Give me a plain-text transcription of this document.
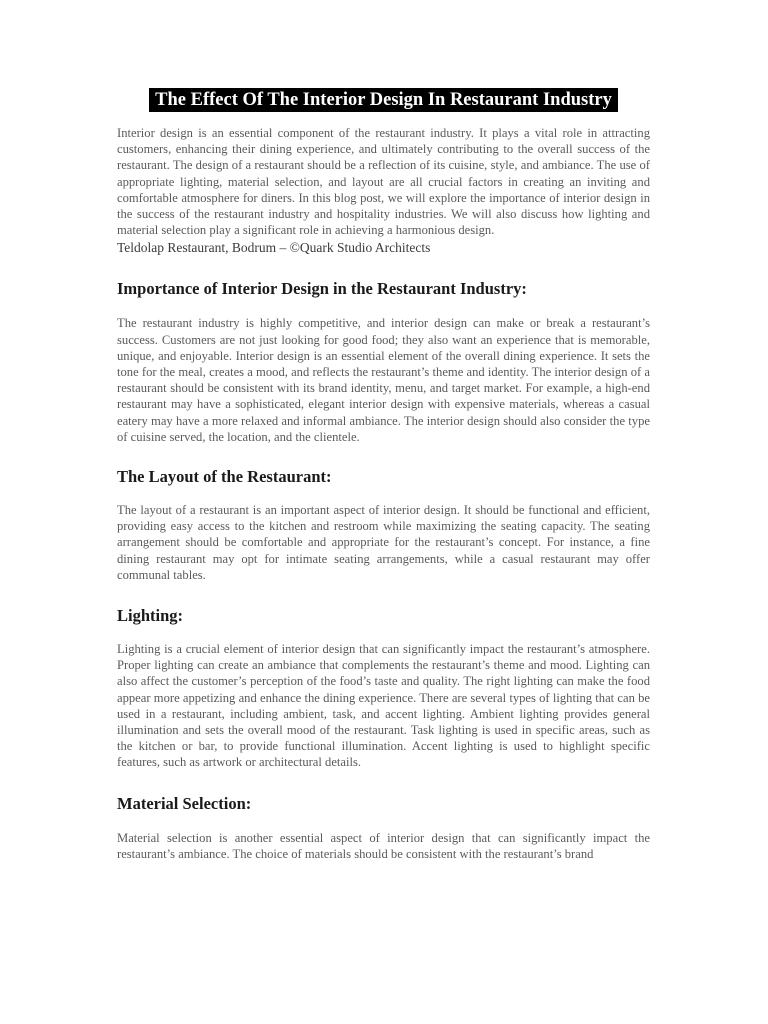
The Effect Of The Interior Design In Restaurant Industry

Interior design is an essential component of the restaurant industry. It plays a vital role in attracting customers, enhancing their dining experience, and ultimately contributing to the overall success of the restaurant. The design of a restaurant should be a reflection of its cuisine, style, and ambiance. The use of appropriate lighting, material selection, and layout are all crucial factors in creating an inviting and comfortable atmosphere for diners. In this blog post, we will explore the importance of interior design in the success of the restaurant industry and hospitality industries. We will also discuss how lighting and material selection play a significant role in achieving a harmonious design.

Teldolap Restaurant, Bodrum – ©Quark Studio Architects

Importance of Interior Design in the Restaurant Industry:

The restaurant industry is highly competitive, and interior design can make or break a restaurant’s success. Customers are not just looking for good food; they also want an experience that is memorable, unique, and enjoyable. Interior design is an essential element of the overall dining experience. It sets the tone for the meal, creates a mood, and reflects the restaurant’s theme and identity. The interior design of a restaurant should be consistent with its brand identity, menu, and target market. For example, a high-end restaurant may have a sophisticated, elegant interior design with expensive materials, whereas a casual eatery may have a more relaxed and informal ambiance. The interior design should also consider the type of cuisine served, the location, and the clientele.

The Layout of the Restaurant:

The layout of a restaurant is an important aspect of interior design. It should be functional and efficient, providing easy access to the kitchen and restroom while maximizing the seating capacity. The seating arrangement should be comfortable and appropriate for the restaurant’s concept. For instance, a fine dining restaurant may opt for intimate seating arrangements, while a casual restaurant may offer communal tables.

Lighting:

Lighting is a crucial element of interior design that can significantly impact the restaurant’s atmosphere. Proper lighting can create an ambiance that complements the restaurant’s theme and mood. Lighting can also affect the customer’s perception of the food’s taste and quality. The right lighting can make the food appear more appetizing and enhance the dining experience. There are several types of lighting that can be used in a restaurant, including ambient, task, and accent lighting. Ambient lighting provides general illumination and sets the overall mood of the restaurant. Task lighting is used in specific areas, such as the kitchen or bar, to provide functional illumination. Accent lighting is used to highlight specific features, such as artwork or architectural details.

Material Selection:

Material selection is another essential aspect of interior design that can significantly impact the restaurant’s ambiance. The choice of materials should be consistent with the restaurant’s brand
